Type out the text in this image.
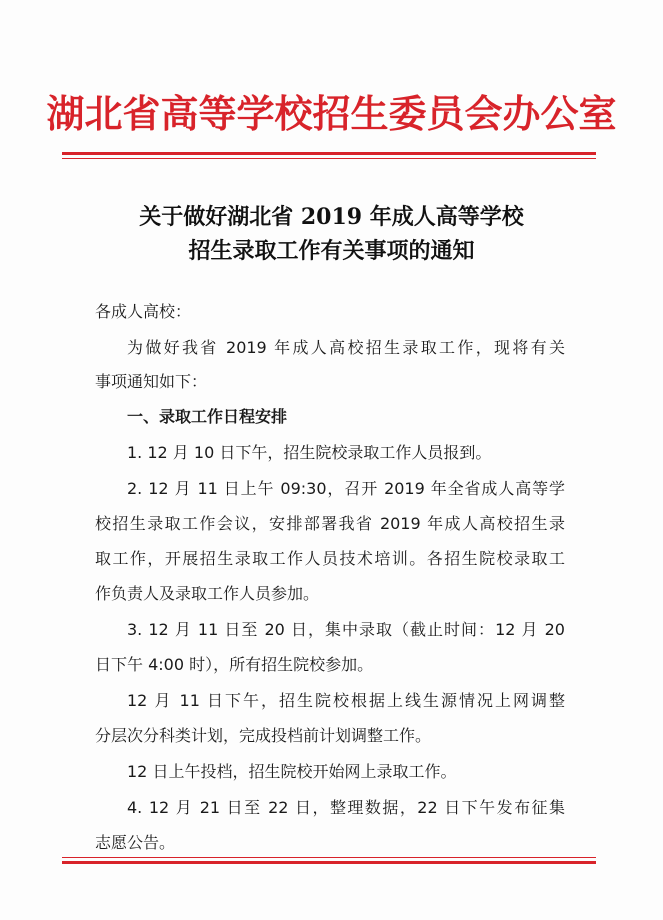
湖北省高等学校招生委员会办公室
关于做好湖北省 2019 年成人高等学校
招生录取工作有关事项的通知
各成人高校：
为做好我省 2019 年成人高校招生录取工作，现将有关
事项通知如下：
一、录取工作日程安排
1. 12 月 10 日下午，招生院校录取工作人员报到。
2. 12 月 11 日上午 09:30，召开 2019 年全省成人高等学
校招生录取工作会议，安排部署我省 2019 年成人高校招生录
取工作，开展招生录取工作人员技术培训。各招生院校录取工
作负责人及录取工作人员参加。
3. 12 月 11 日至 20 日，集中录取（截止时间：12 月 20
日下午 4:00 时），所有招生院校参加。
12 月 11 日下午，招生院校根据上线生源情况上网调整
分层次分科类计划，完成投档前计划调整工作。
12 日上午投档，招生院校开始网上录取工作。
4. 12 月 21 日至 22 日，整理数据，22 日下午发布征集
志愿公告。
